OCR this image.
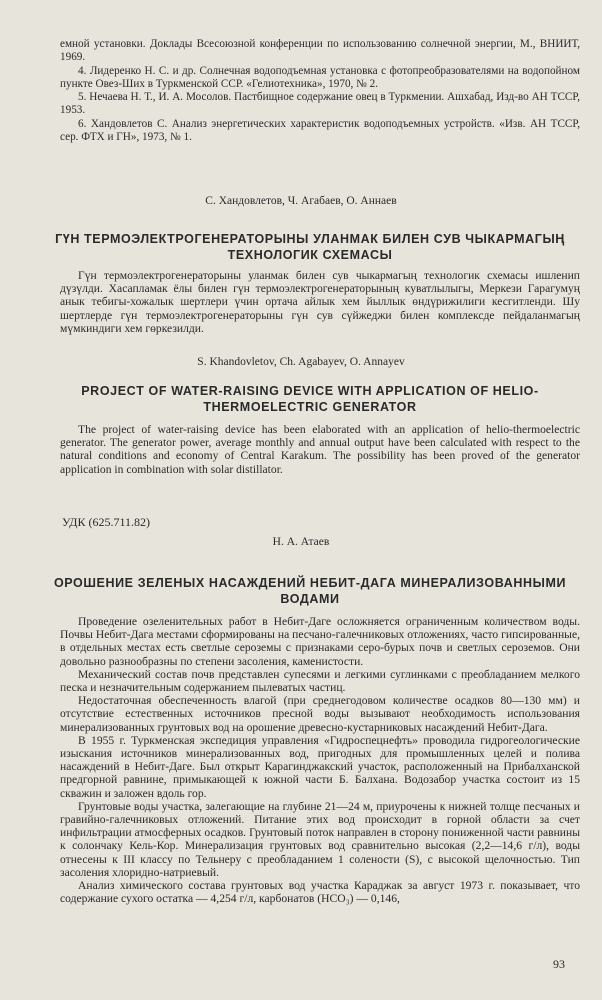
емной установки. Доклады Всесоюзной конференции по использованию солнечной энергии, М., ВНИИТ, 1969.

4. Лидеренко Н. С. и др. Солнечная водоподъемная установка с фотопреобразователями на водопойном пункте Овез-Ших в Туркменской ССР. «Гелиотехника», 1970, № 2.

5. Нечаева Н. Т., И. А. Мосолов. Пастбищное содержание овец в Туркмении. Ашхабад, Изд-во АН ТССР, 1953.

6. Хандовлетов С. Анализ энергетических характеристик водоподъемных устройств. «Изв. АН ТССР, сер. ФТХ и ГН», 1973, № 1.

С. Хандовлетов, Ч. Агабаев, О. Аннаев
ГҮН ТЕРМОЭЛЕКТРОГЕНЕРАТОРЫНЫ УЛАНМАК БИЛЕН СУВ ЧЫКАРМАГЫҢ ТЕХНОЛОГИК СХЕМАСЫ

Гүн термоэлектрогенераторыны уланмак билен сув чыкармагың технологик схемасы ишленип дүзүлди. Хасапламак ёлы билен гүн термоэлектрогенераторының куватлылыгы, Меркези Гарагумуң анык тебигы-хожалык шертлери үчин ортача айлык хем йыллык өндүрижилиги кесгитленди. Шу шертлерде гүн термоэлектрогенераторыны гүн сув сүйжеджи билен комплексде пейдаланмагың мүмкиндиги хем гөркезилди.

S. Khandovletov, Ch. Agabayev, O. Annayev
PROJECT OF WATER-RAISING DEVICE WITH APPLICATION OF HELIO-THERMOELECTRIC GENERATOR

The project of water-raising device has been elaborated with an application of helio-thermoelectric generator. The generator power, average monthly and annual output have been calculated with respect to the natural conditions and economy of Central Karakum. The possibility has been proved of the generator application in combination with solar distillator.

УДК (625.711.82)
Н. А. Атаев
ОРОШЕНИЕ ЗЕЛЕНЫХ НАСАЖДЕНИЙ НЕБИТ-ДАГА МИНЕРАЛИЗОВАННЫМИ ВОДАМИ

Проведение озеленительных работ в Небит-Даге осложняется ограниченным количеством воды. Почвы Небит-Дага местами сформированы на песчано-галечниковых отложениях, часто гипсированные, в отдельных местах есть светлые сероземы с признаками серо-бурых почв и светлых сероземов. Они довольно разнообразны по степени засоления, каменистости.

Механический состав почв представлен супесями и легкими суглинками с преобладанием мелкого песка и незначительным содержанием пылеватых частиц.

Недостаточная обеспеченность влагой (при среднегодовом количестве осадков 80—130 мм) и отсутствие естественных источников пресной воды вызывают необходимость использования минерализованных грунтовых вод на орошение древесно-кустарниковых насаждений Небит-Дага.

В 1955 г. Туркменская экспедиция управления «Гидроспецнефть» проводила гидрогеологические изыскания источников минерализованных вод, пригодных для промышленных целей и полива насаждений в Небит-Даге. Был открыт Карагинджакский участок, расположенный на Прибалханской предгорной равнине, примыкающей к южной части Б. Балхана. Водозабор участка состоит из 15 скважин и заложен вдоль гор.

Грунтовые воды участка, залегающие на глубине 21—24 м, приурочены к нижней толще песчаных и гравийно-галечниковых отложений. Питание этих вод происходит в горной области за счет инфильтрации атмосферных осадков. Грунтовый поток направлен в сторону пониженной части равнины к солончаку Кель-Кор. Минерализация грунтовых вод сравнительно высокая (2,2—14,6 г/л), воды отнесены к III классу по Тельнеру с преобладанием 1 солености (S), с высокой щелочностью. Тип засоления хлоридно-натриевый.

Анализ химического состава грунтовых вод участка Караджак за август 1973 г. показывает, что содержание сухого остатка — 4,254 г/л, карбонатов (HCO₃) — 0,146,

93
